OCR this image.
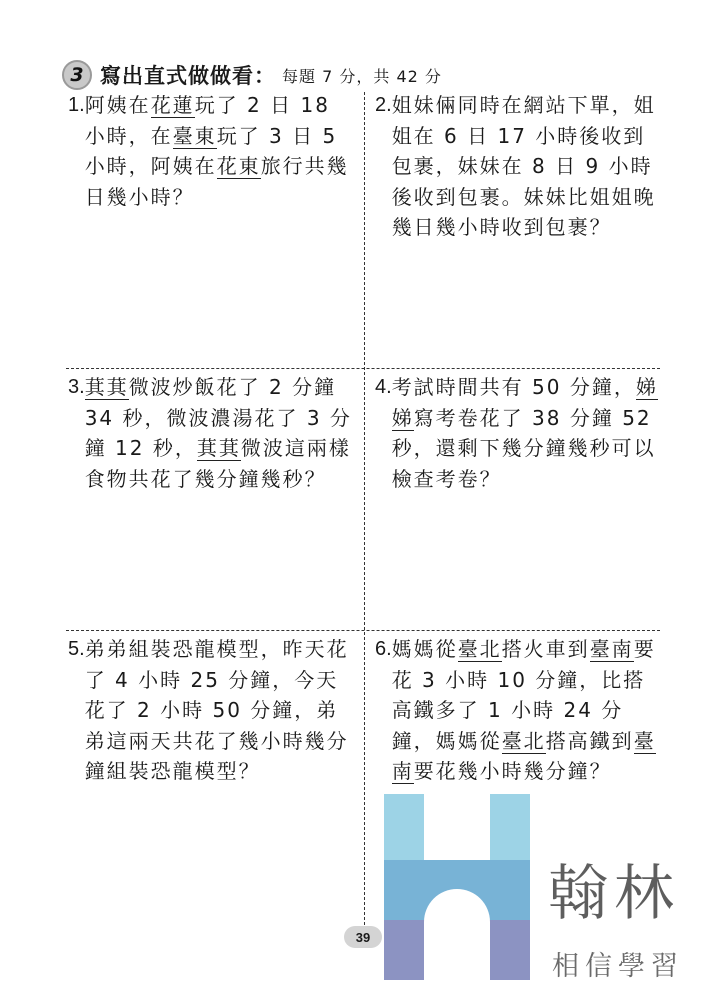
3 寫出直式做做看： 每題 7 分，共 42 分
1. 阿姨在花蓮玩了 2 日 18 小時，在臺東玩了 3 日 5 小時，阿姨在花東旅行共幾日幾小時？
2. 姐妹倆同時在網站下單，姐姐在 6 日 17 小時後收到包裹，妹妹在 8 日 9 小時後收到包裹。妹妹比姐姐晚幾日幾小時收到包裹？
3. 萁萁微波炒飯花了 2 分鐘 34 秒，微波濃湯花了 3 分鐘 12 秒，萁萁微波這兩樣食物共花了幾分鐘幾秒？
4. 考試時間共有 50 分鐘，娣娣寫考卷花了 38 分鐘 52 秒，還剩下幾分鐘幾秒可以檢查考卷？
5. 弟弟組裝恐龍模型，昨天花了 4 小時 25 分鐘，今天花了 2 小時 50 分鐘，弟弟這兩天共花了幾小時幾分鐘組裝恐龍模型？
6. 媽媽從臺北搭火車到臺南要花 3 小時 10 分鐘，比搭高鐵多了 1 小時 24 分鐘，媽媽從臺北搭高鐵到臺南要花幾小時幾分鐘？
翰林
相信學習
39
